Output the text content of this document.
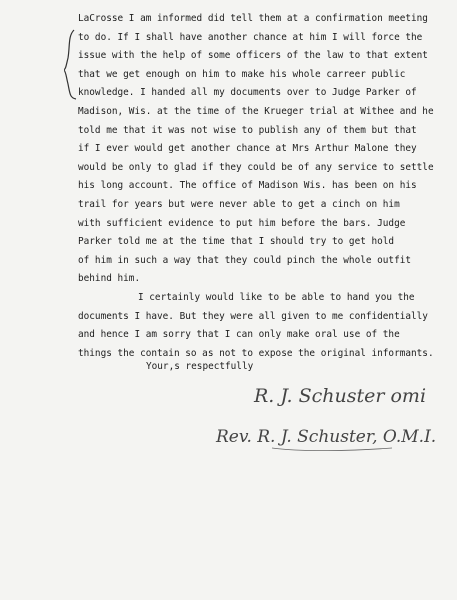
LaCrosse I am informed did tell them at a confirmation meeting
to do. If I shall have another chance at him I will force the
issue with the help of some officers of the law to that extent
that we get enough on him to make his whole carreer public
knowledge. I handed all my documents over to Judge Parker of
Madison, Wis. at the time of the Krueger trial at Withee and he
told me that it was not wise to publish any of them but that
if I ever would get another chance at Mrs Arthur Malone they
would be only to glad if they could be of any service to settle
his long account. The office of Madison Wis. has been on his
trail for years but were never able to get a cinch on him
with sufficient evidence to put him before the bars. Judge
Parker told me at the time that I should try to get hold
of him in such a way that they could pinch the whole outfit
behind him.
I certainly would like to be able to hand you the
documents I have. But they were all given to me confidentially
and hence I am sorry that I can only make oral use of the
things the contain so as not to expose the original informants.
Your,s respectfully
R. J. Schuster omi
Rev. R. J. Schuster, O.M.I.
